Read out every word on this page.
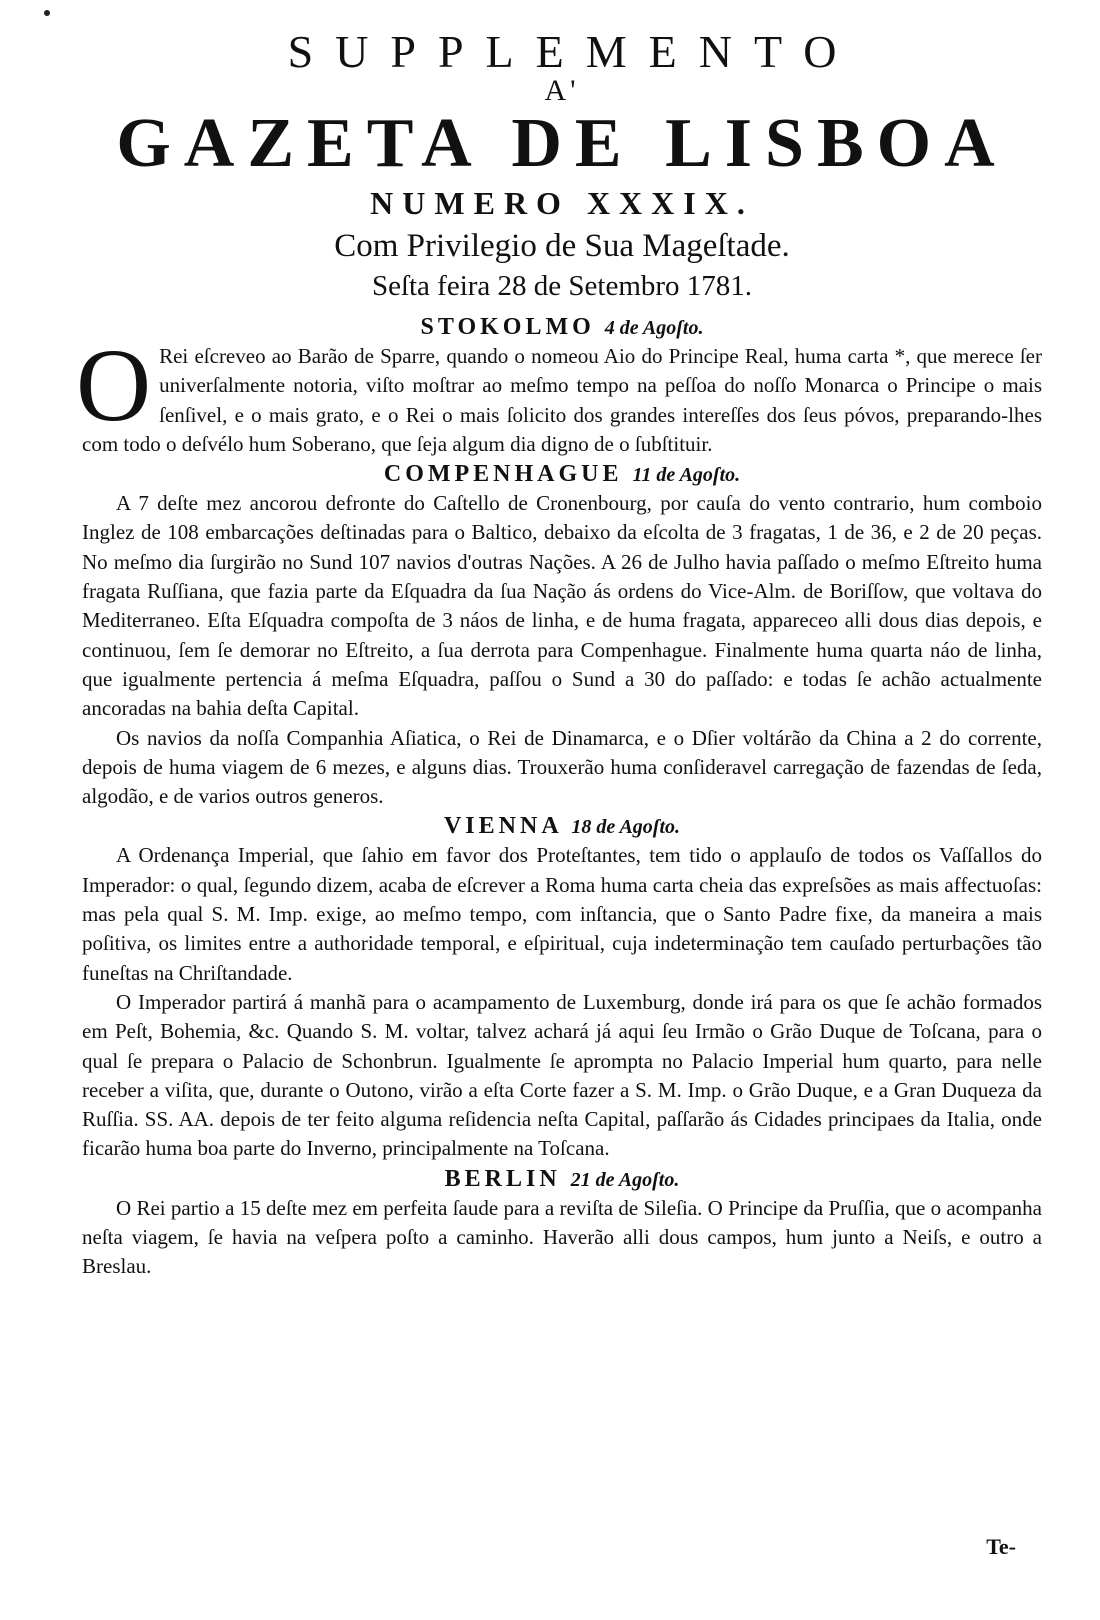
SUPPLEMENTO
A'
GAZETA DE LISBOA
NUMERO XXXIX.
Com Privilegio de Sua Mageſtade.
Seſta feira 28 de Setembro 1781.
STOKOLMO 4 de Agoſto.

O Rei eſcreveo ao Barão de Sparre, quando o nomeou Aio do Principe Real, huma carta *, que merece ſer univerſalmente notoria, viſto moſtrar ao meſmo tempo na peſſoa do noſſo Monarca o Principe o mais ſenſivel, e o mais grato, e o Rei o mais ſolicito dos grandes intereſſes dos ſeus póvos, preparando-lhes com todo o deſvélo hum Soberano, que ſeja algum dia digno de o ſubſtituir.

COMPENHAGUE 11 de Agoſto.

A 7 deſte mez ancorou defronte do Caſtello de Cronenbourg, por cauſa do vento contrario, hum comboio Inglez de 108 embarcações deſtinadas para o Baltico, debaixo da eſcolta de 3 fragatas, 1 de 36, e 2 de 20 peças. No meſmo dia ſurgirão no Sund 107 navios d'outras Nações. A 26 de Julho havia paſſado o meſmo Eſtreito huma fragata Ruſſiana, que fazia parte da Eſquadra da ſua Nação ás ordens do Vice-Alm. de Boriſſow, que voltava do Mediterraneo. Eſta Eſquadra compoſta de 3 náos de linha, e de huma fragata, appareceo alli dous dias depois, e continuou, ſem ſe demorar no Eſtreito, a ſua derrota para Compenhague. Finalmente huma quarta náo de linha, que igualmente pertencia á meſma Eſquadra, paſſou o Sund a 30 do paſſado: e todas ſe achão actualmente ancoradas na bahia deſta Capital.

Os navios da noſſa Companhia Aſiatica, o Rei de Dinamarca, e o Dſier voltárão da China a 2 do corrente, depois de huma viagem de 6 mezes, e alguns dias. Trouxerão huma conſideravel carregação de fazendas de ſeda, algodão, e de varios outros generos.

VIENNA 18 de Agoſto.

A Ordenança Imperial, que ſahio em favor dos Proteſtantes, tem tido o applauſo de todos os Vaſſallos do Imperador: o qual, ſegundo dizem, acaba de eſcrever a Roma huma carta cheia das expreſsões as mais affectuoſas: mas pela qual S. M. Imp. exige, ao meſmo tempo, com inſtancia, que o Santo Padre fixe, da maneira a mais poſitiva, os limites entre a authoridade temporal, e eſpiritual, cuja indeterminação tem cauſado perturbações tão funeſtas na Chriſtandade.

O Imperador partirá á manhã para o acampamento de Luxemburg, donde irá para os que ſe achão formados em Peſt, Bohemia, &c. Quando S. M. voltar, talvez achará já aqui ſeu Irmão o Grão Duque de Toſcana, para o qual ſe prepara o Palacio de Schonbrun. Igualmente ſe apromptа no Palacio Imperial hum quarto, para nelle receber a viſita, que, durante o Outono, virão a eſta Corte fazer a S. M. Imp. o Grão Duque, e a Gran Duqueza da Ruſſia. SS. AA. depois de ter feito alguma reſidencia neſta Capital, paſſarão ás Cidades principaes da Italia, onde ficarão huma boa parte do Inverno, principalmente na Toſcana.

BERLIN 21 de Agoſto.

O Rei partio a 15 deſte mez em perfeita ſaude para a reviſta de Sileſia. O Principe da Pruſſia, que o acompanha neſta viagem, ſe havia na veſpera poſto a caminho. Haverão alli dous campos, hum junto a Neiſs, e outro a Breslau.

Te-
